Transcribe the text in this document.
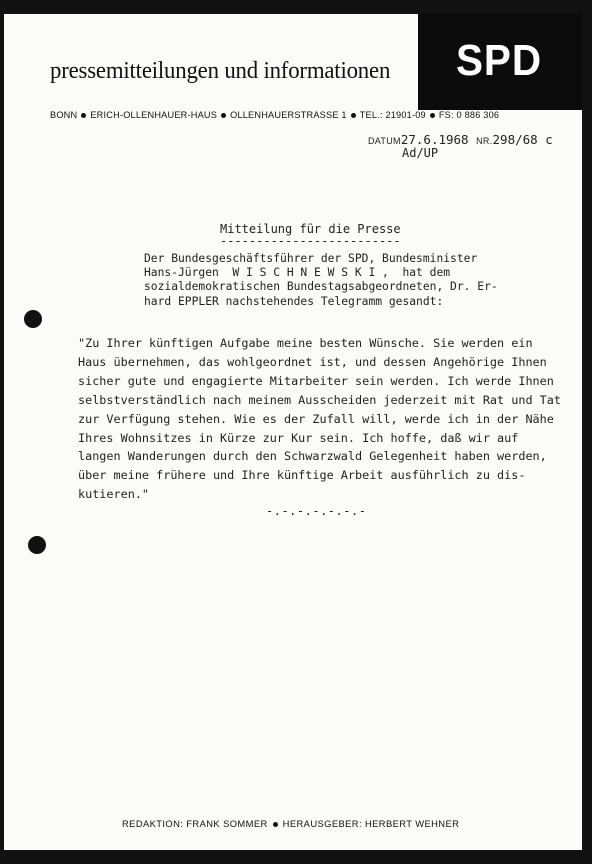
SPD
pressemitteilungen und informationen
BONN ERICH-OLLENHAUER-HAUS OLLENHAUERSTRASSE 1 TEL.: 21901-09 FS: 0 886 306
DATUM27.6.1968 NR.298/68 c
Ad/UP
Mitteilung für die Presse
-------------------------
Der Bundesgeschäftsführer der SPD, Bundesminister
Hans-Jürgen  W I S C H N E W S K I ,  hat dem
sozialdemokratischen Bundestagsabgeordneten, Dr. Er-
hard EPPLER nachstehendes Telegramm gesandt:
"Zu Ihrer künftigen Aufgabe meine besten Wünsche. Sie werden ein
Haus übernehmen, das wohlgeordnet ist, und dessen Angehörige Ihnen
sicher gute und engagierte Mitarbeiter sein werden. Ich werde Ihnen
selbstverständlich nach meinem Ausscheiden jederzeit mit Rat und Tat
zur Verfügung stehen. Wie es der Zufall will, werde ich in der Nähe
Ihres Wohnsitzes in Kürze zur Kur sein. Ich hoffe, daß wir auf
langen Wanderungen durch den Schwarzwald Gelegenheit haben werden,
über meine frühere und Ihre künftige Arbeit ausführlich zu dis-
kutieren."
-.-.-.-.-.-.-
REDAKTION: FRANK SOMMER HERAUSGEBER: HERBERT WEHNER
